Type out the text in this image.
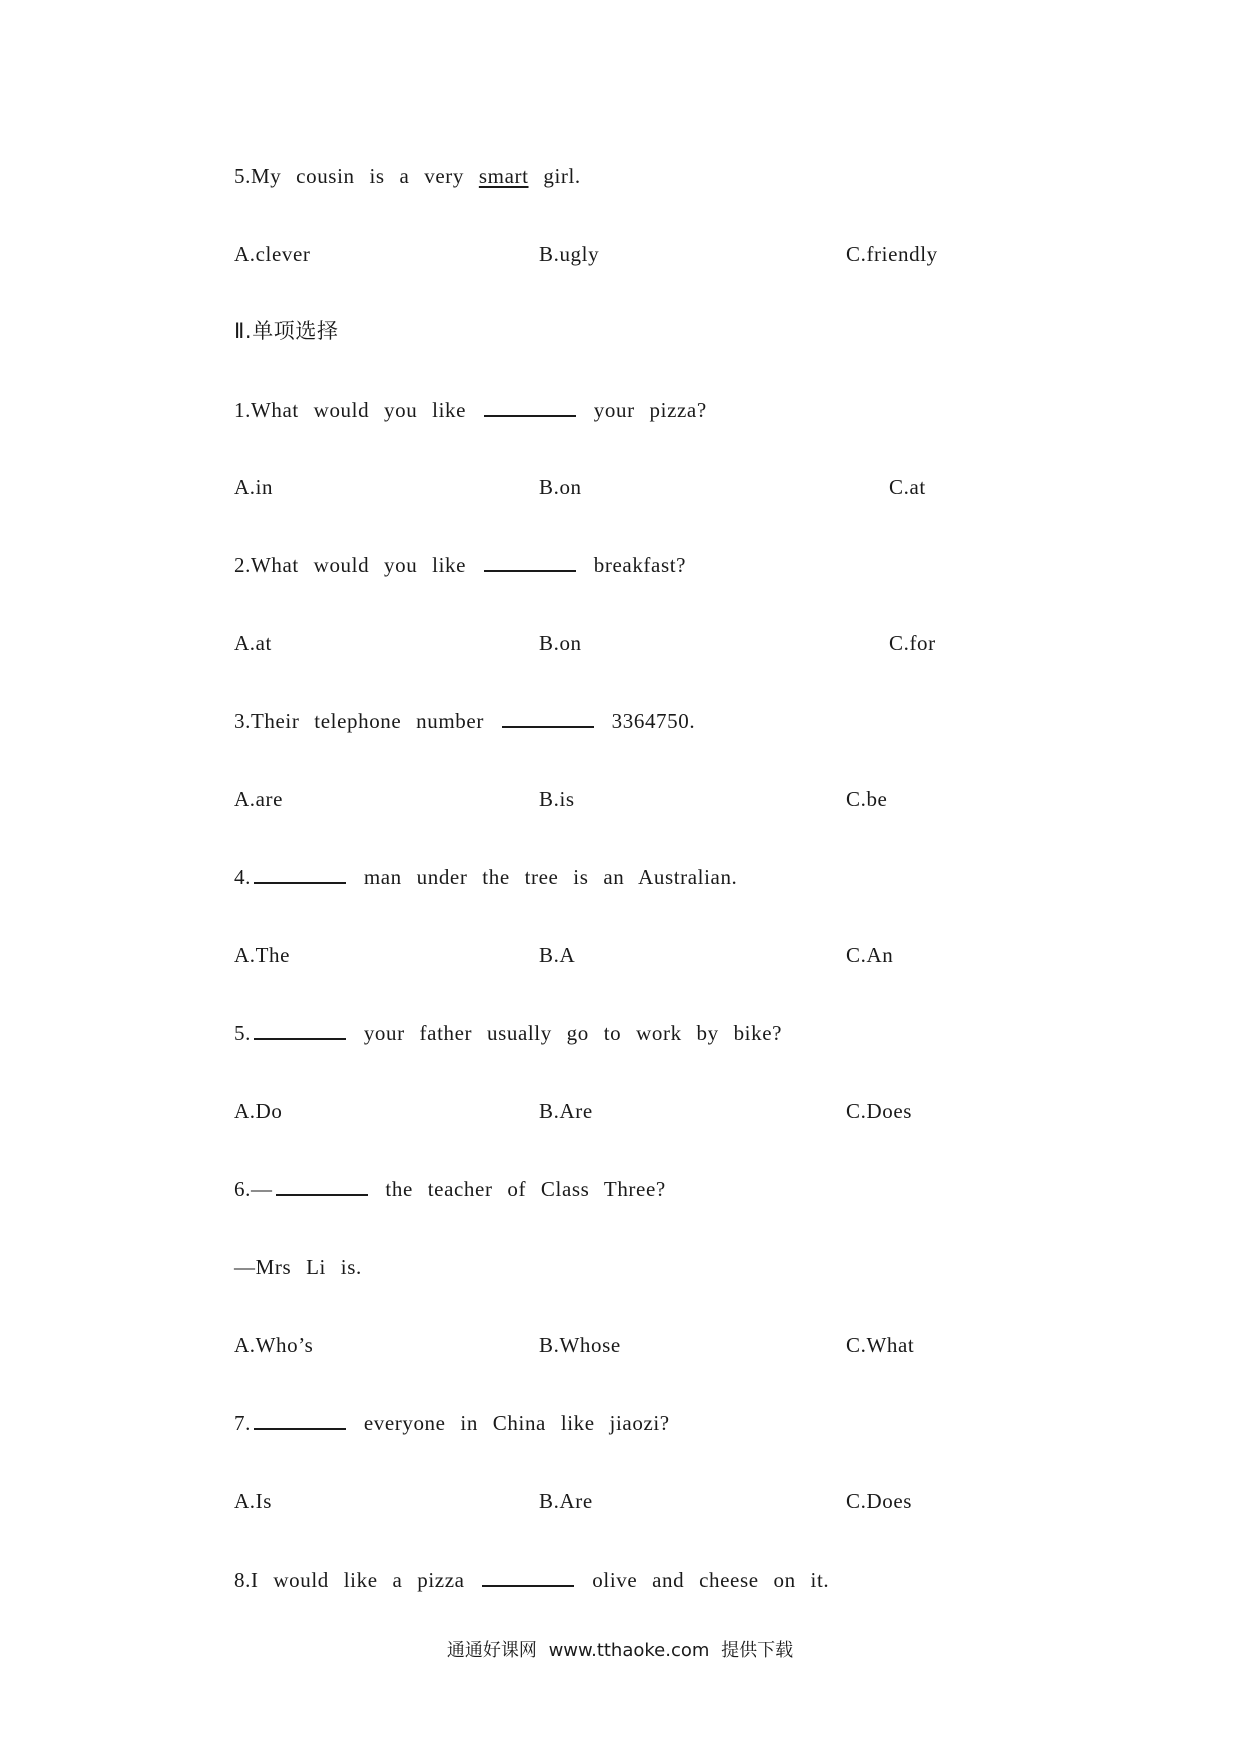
5.My cousin is a very smart girl.
A.clever	B.ugly	C.friendly
Ⅱ.单项选择
1.What would you like	your pizza?
A.in	B.on	C.at
2.What would you like	breakfast?
A.at	B.on	C.for
3.Their telephone number	3364750.
A.are	B.is	C.be
4.	man under the tree is an Australian.
A.The	B.A	C.An
5.	your father usually go to work by bike?
A.Do	B.Are	C.Does
6.—	the teacher of Class Three?
—Mrs Li is.
A.Who’s	B.Whose	C.What
7.	everyone in China like jiaozi?
A.Is	B.Are	C.Does
8.I would like a pizza	olive and cheese on it.
通通好课网 www.tthaoke.com 提供下载
